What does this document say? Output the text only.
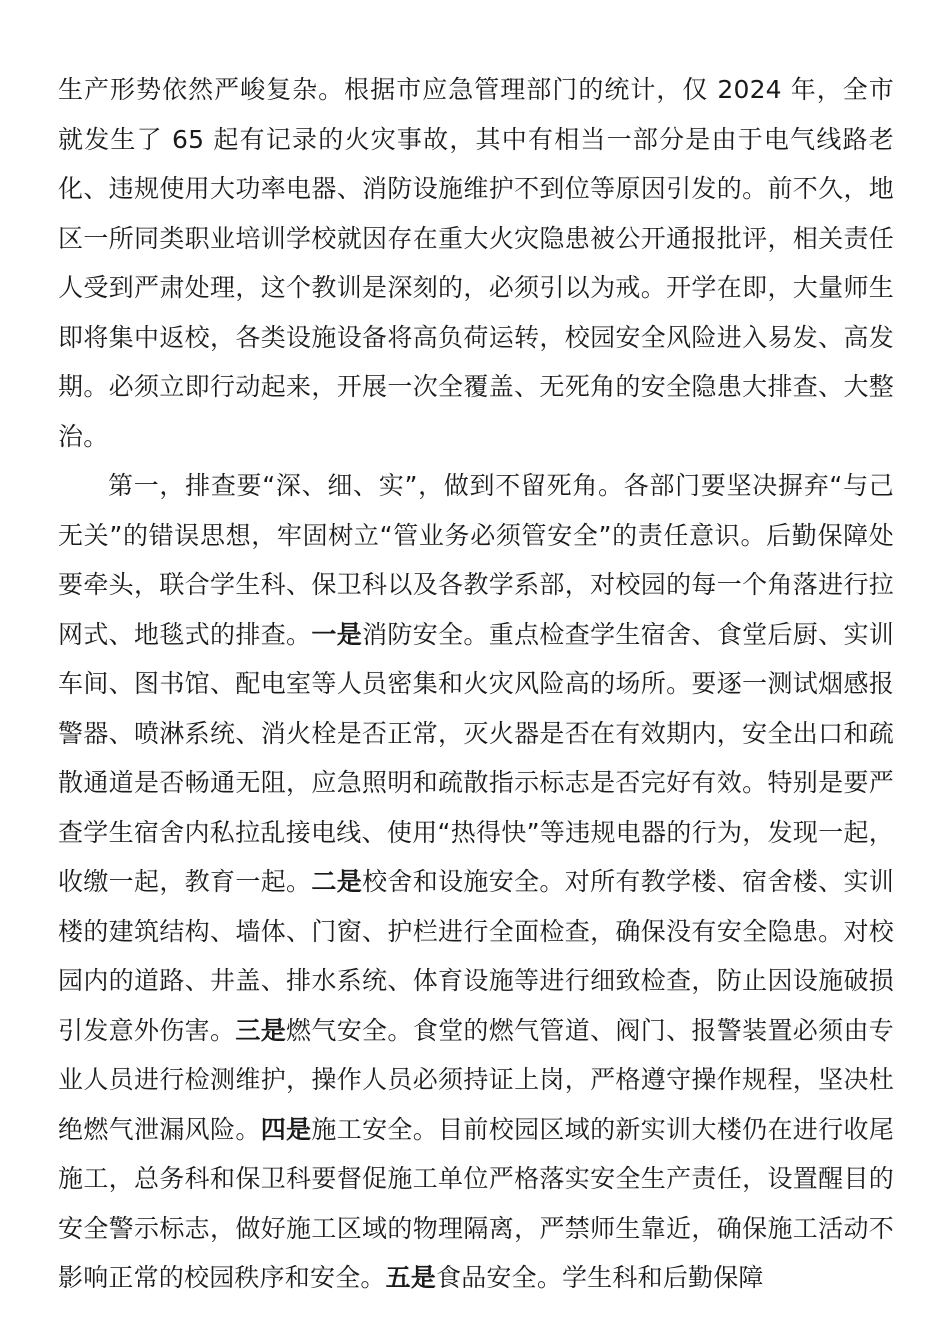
生产形势依然严峻复杂。根据市应急管理部门的统计，仅 2024 年，全市就发生了 65 起有记录的火灾事故，其中有相当一部分是由于电气线路老化、违规使用大功率电器、消防设施维护不到位等原因引发的。前不久，地区一所同类职业培训学校就因存在重大火灾隐患被公开通报批评，相关责任人受到严肃处理，这个教训是深刻的，必须引以为戒。开学在即，大量师生即将集中返校，各类设施设备将高负荷运转，校园安全风险进入易发、高发期。必须立即行动起来，开展一次全覆盖、无死角的安全隐患大排查、大整治。

第一，排查要“深、细、实”，做到不留死角。各部门要坚决摒弃“与己无关”的错误思想，牢固树立“管业务必须管安全”的责任意识。后勤保障处要牵头，联合学生科、保卫科以及各教学系部，对校园的每一个角落进行拉网式、地毯式的排查。一是消防安全。重点检查学生宿舍、食堂后厨、实训车间、图书馆、配电室等人员密集和火灾风险高的场所。要逐一测试烟感报警器、喷淋系统、消火栓是否正常，灭火器是否在有效期内，安全出口和疏散通道是否畅通无阻，应急照明和疏散指示标志是否完好有效。特别是要严查学生宿舍内私拉乱接电线、使用“热得快”等违规电器的行为，发现一起，收缴一起，教育一起。二是校舍和设施安全。对所有教学楼、宿舍楼、实训楼的建筑结构、墙体、门窗、护栏进行全面检查，确保没有安全隐患。对校园内的道路、井盖、排水系统、体育设施等进行细致检查，防止因设施破损引发意外伤害。三是燃气安全。食堂的燃气管道、阀门、报警装置必须由专业人员进行检测维护，操作人员必须持证上岗，严格遵守操作规程，坚决杜绝燃气泄漏风险。四是施工安全。目前校园区域的新实训大楼仍在进行收尾施工，总务科和保卫科要督促施工单位严格落实安全生产责任，设置醒目的安全警示标志，做好施工区域的物理隔离，严禁师生靠近，确保施工活动不影响正常的校园秩序和安全。五是食品安全。学生科和后勤保障
